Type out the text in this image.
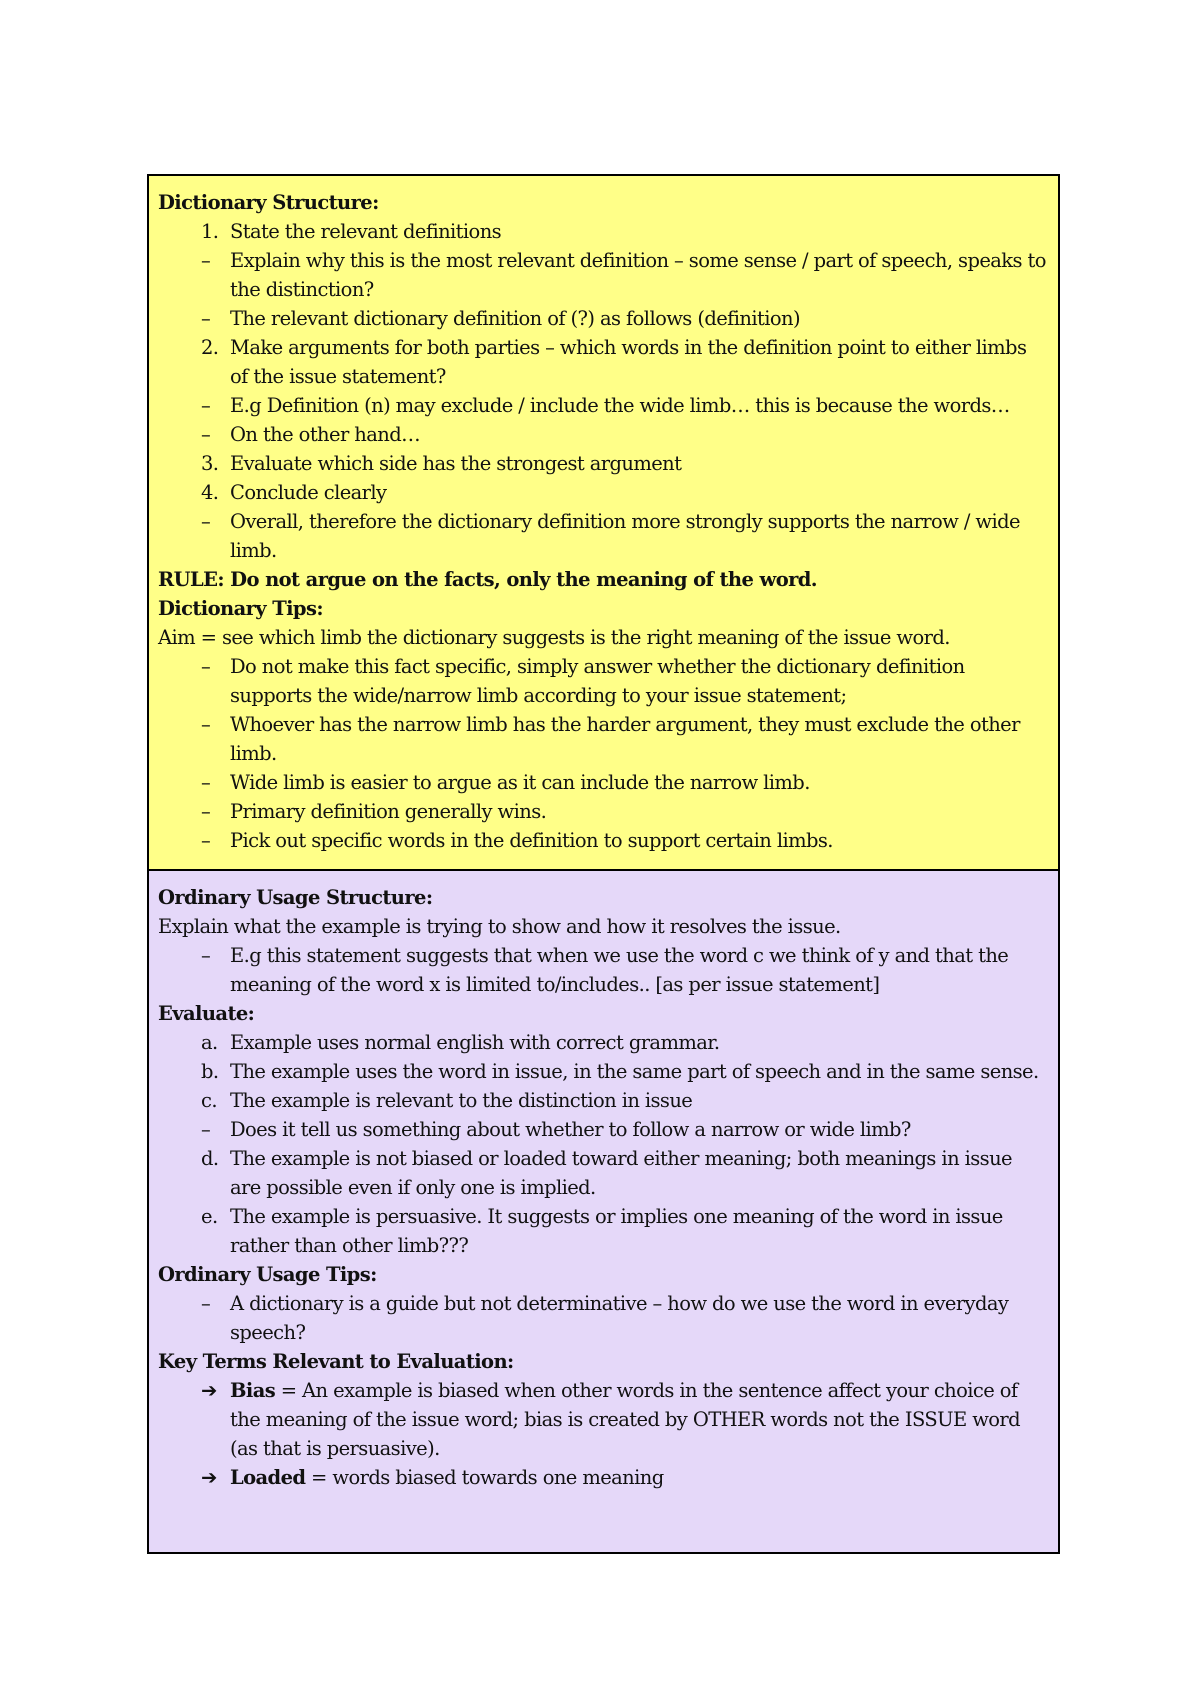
Dictionary Structure:
1. State the relevant definitions
–	Explain why this is the most relevant definition – some sense / part of speech, speaks to the distinction?
–	The relevant dictionary definition of (?) as follows (definition)
2. Make arguments for both parties – which words in the definition point to either limbs of the issue statement?
–	E.g Definition (n) may exclude / include the wide limb… this is because the words…
–	On the other hand…
3. Evaluate which side has the strongest argument
4. Conclude clearly
–	Overall, therefore the dictionary definition more strongly supports the narrow / wide limb.
RULE: Do not argue on the facts, only the meaning of the word.
Dictionary Tips:
Aim = see which limb the dictionary suggests is the right meaning of the issue word.
–	Do not make this fact specific, simply answer whether the dictionary definition supports the wide/narrow limb according to your issue statement;
–	Whoever has the narrow limb has the harder argument, they must exclude the other limb.
–	Wide limb is easier to argue as it can include the narrow limb.
–	Primary definition generally wins.
–	Pick out specific words in the definition to support certain limbs.
Ordinary Usage Structure:
Explain what the example is trying to show and how it resolves the issue.
–	E.g this statement suggests that when we use the word c we think of y and that the meaning of the word x is limited to/includes.. [as per issue statement]
Evaluate:
a. Example uses normal english with correct grammar.
b. The example uses the word in issue, in the same part of speech and in the same sense.
c. The example is relevant to the distinction in issue
–	Does it tell us something about whether to follow a narrow or wide limb?
d. The example is not biased or loaded toward either meaning; both meanings in issue are possible even if only one is implied.
e. The example is persuasive. It suggests or implies one meaning of the word in issue rather than other limb???
Ordinary Usage Tips:
–	A dictionary is a guide but not determinative – how do we use the word in everyday speech?
Key Terms Relevant to Evaluation:
➔ Bias = An example is biased when other words in the sentence affect your choice of the meaning of the issue word; bias is created by OTHER words not the ISSUE word (as that is persuasive).
➔ Loaded = words biased towards one meaning
